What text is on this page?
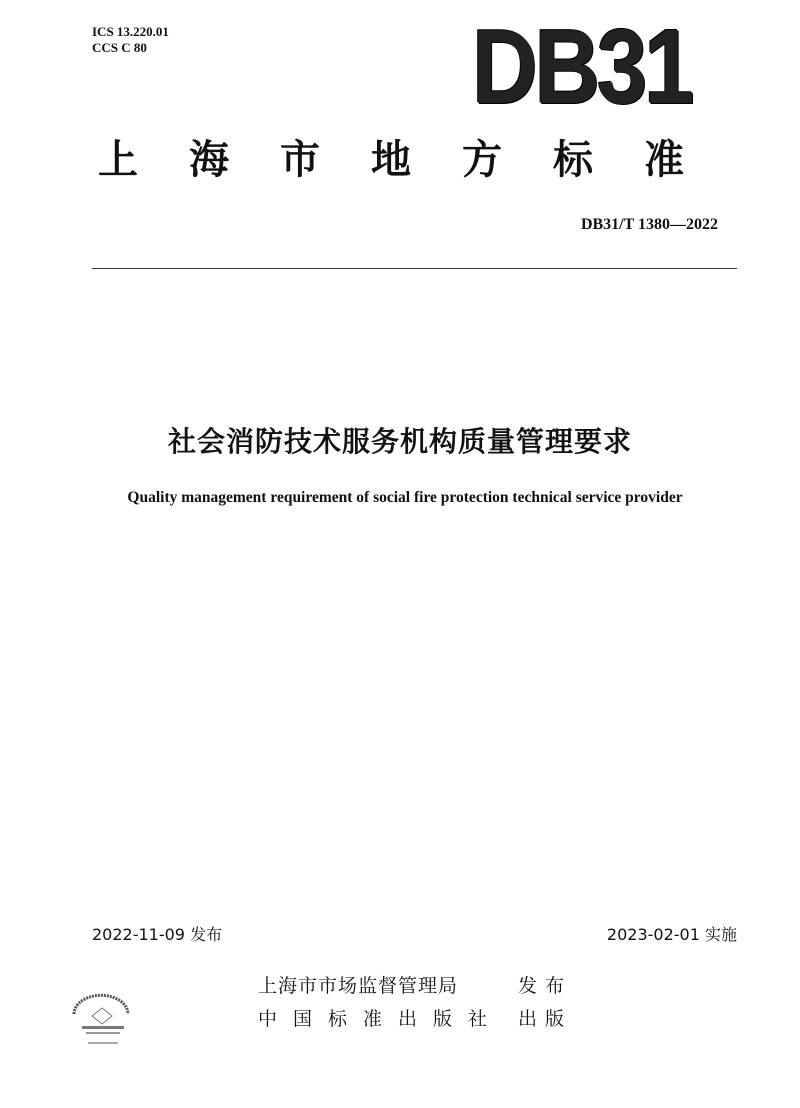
ICS 13.220.01
CCS C 80	DB31
上海市地方标准
DB31/T 1380—2022
社会消防技术服务机构质量管理要求
Quality management requirement of social fire protection technical service provider
2022-11-09 发布	2023-02-01 实施
上海市市场监督管理局	发布
中国标准出版社 出版
